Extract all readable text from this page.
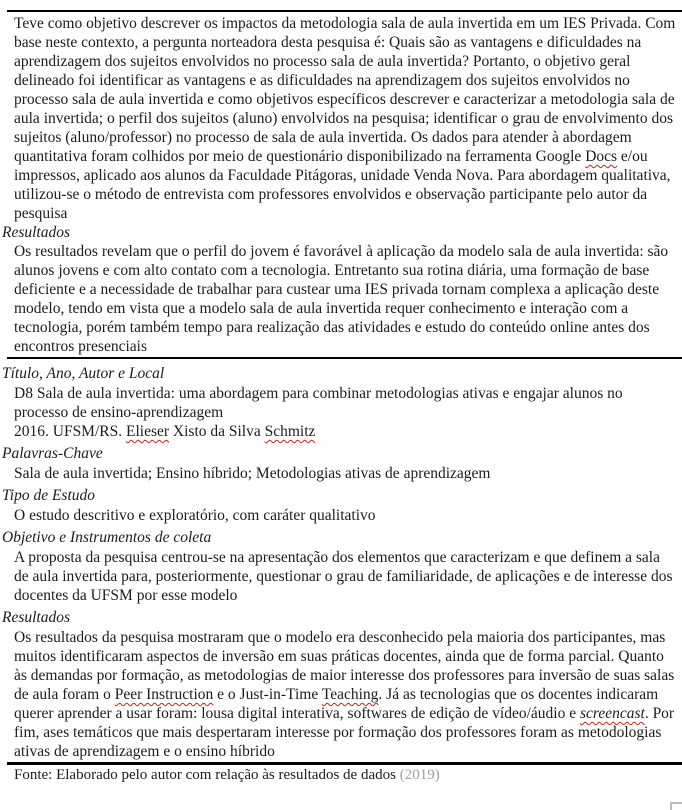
Teve como objetivo descrever os impactos da metodologia sala de aula invertida em um IES Privada. Com base neste contexto, a pergunta norteadora desta pesquisa é: Quais são as vantagens e dificuldades na aprendizagem dos sujeitos envolvidos no processo sala de aula invertida? Portanto, o objetivo geral delineado foi identificar as vantagens e as dificuldades na aprendizagem dos sujeitos envolvidos no processo sala de aula invertida e como objetivos específicos descrever e caracterizar a metodologia sala de aula invertida; o perfil dos sujeitos (aluno) envolvidos na pesquisa; identificar o grau de envolvimento dos sujeitos (aluno/professor) no processo de sala de aula invertida. Os dados para atender à abordagem quantitativa foram colhidos por meio de questionário disponibilizado na ferramenta Google Docs e/ou impressos, aplicado aos alunos da Faculdade Pitágoras, unidade Venda Nova. Para abordagem qualitativa, utilizou-se o método de entrevista com professores envolvidos e observação participante pelo autor da pesquisa
Resultados
Os resultados revelam que o perfil do jovem é favorável à aplicação da modelo sala de aula invertida: são alunos jovens e com alto contato com a tecnologia. Entretanto sua rotina diária, uma formação de base deficiente e a necessidade de trabalhar para custear uma IES privada tornam complexa a aplicação deste modelo, tendo em vista que a modelo sala de aula invertida requer conhecimento e interação com a tecnologia, porém também tempo para realização das atividades e estudo do conteúdo online antes dos encontros presenciais
Título, Ano, Autor e Local
D8 Sala de aula invertida: uma abordagem para combinar metodologias ativas e engajar alunos no processo de ensino-aprendizagem
2016. UFSM/RS. Elieser Xisto da Silva Schmitz
Palavras-Chave
Sala de aula invertida; Ensino híbrido; Metodologias ativas de aprendizagem
Tipo de Estudo
O estudo descritivo e exploratório, com caráter qualitativo
Objetivo e Instrumentos de coleta
A proposta da pesquisa centrou-se na apresentação dos elementos que caracterizam e que definem a sala de aula invertida para, posteriormente, questionar o grau de familiaridade, de aplicações e de interesse dos docentes da UFSM por esse modelo
Resultados
Os resultados da pesquisa mostraram que o modelo era desconhecido pela maioria dos participantes, mas muitos identificaram aspectos de inversão em suas práticas docentes, ainda que de forma parcial. Quanto às demandas por formação, as metodologias de maior interesse dos professores para inversão de suas salas de aula foram o Peer Instruction e o Just-in-Time Teaching. Já as tecnologias que os docentes indicaram querer aprender a usar foram: lousa digital interativa, softwares de edição de vídeo/áudio e screencast. Por fim, ases temáticos que mais despertaram interesse por formação dos professores foram as metodologias ativas de aprendizagem e o ensino híbrido
Fonte: Elaborado pelo autor com relação às resultados de dados (2019)
